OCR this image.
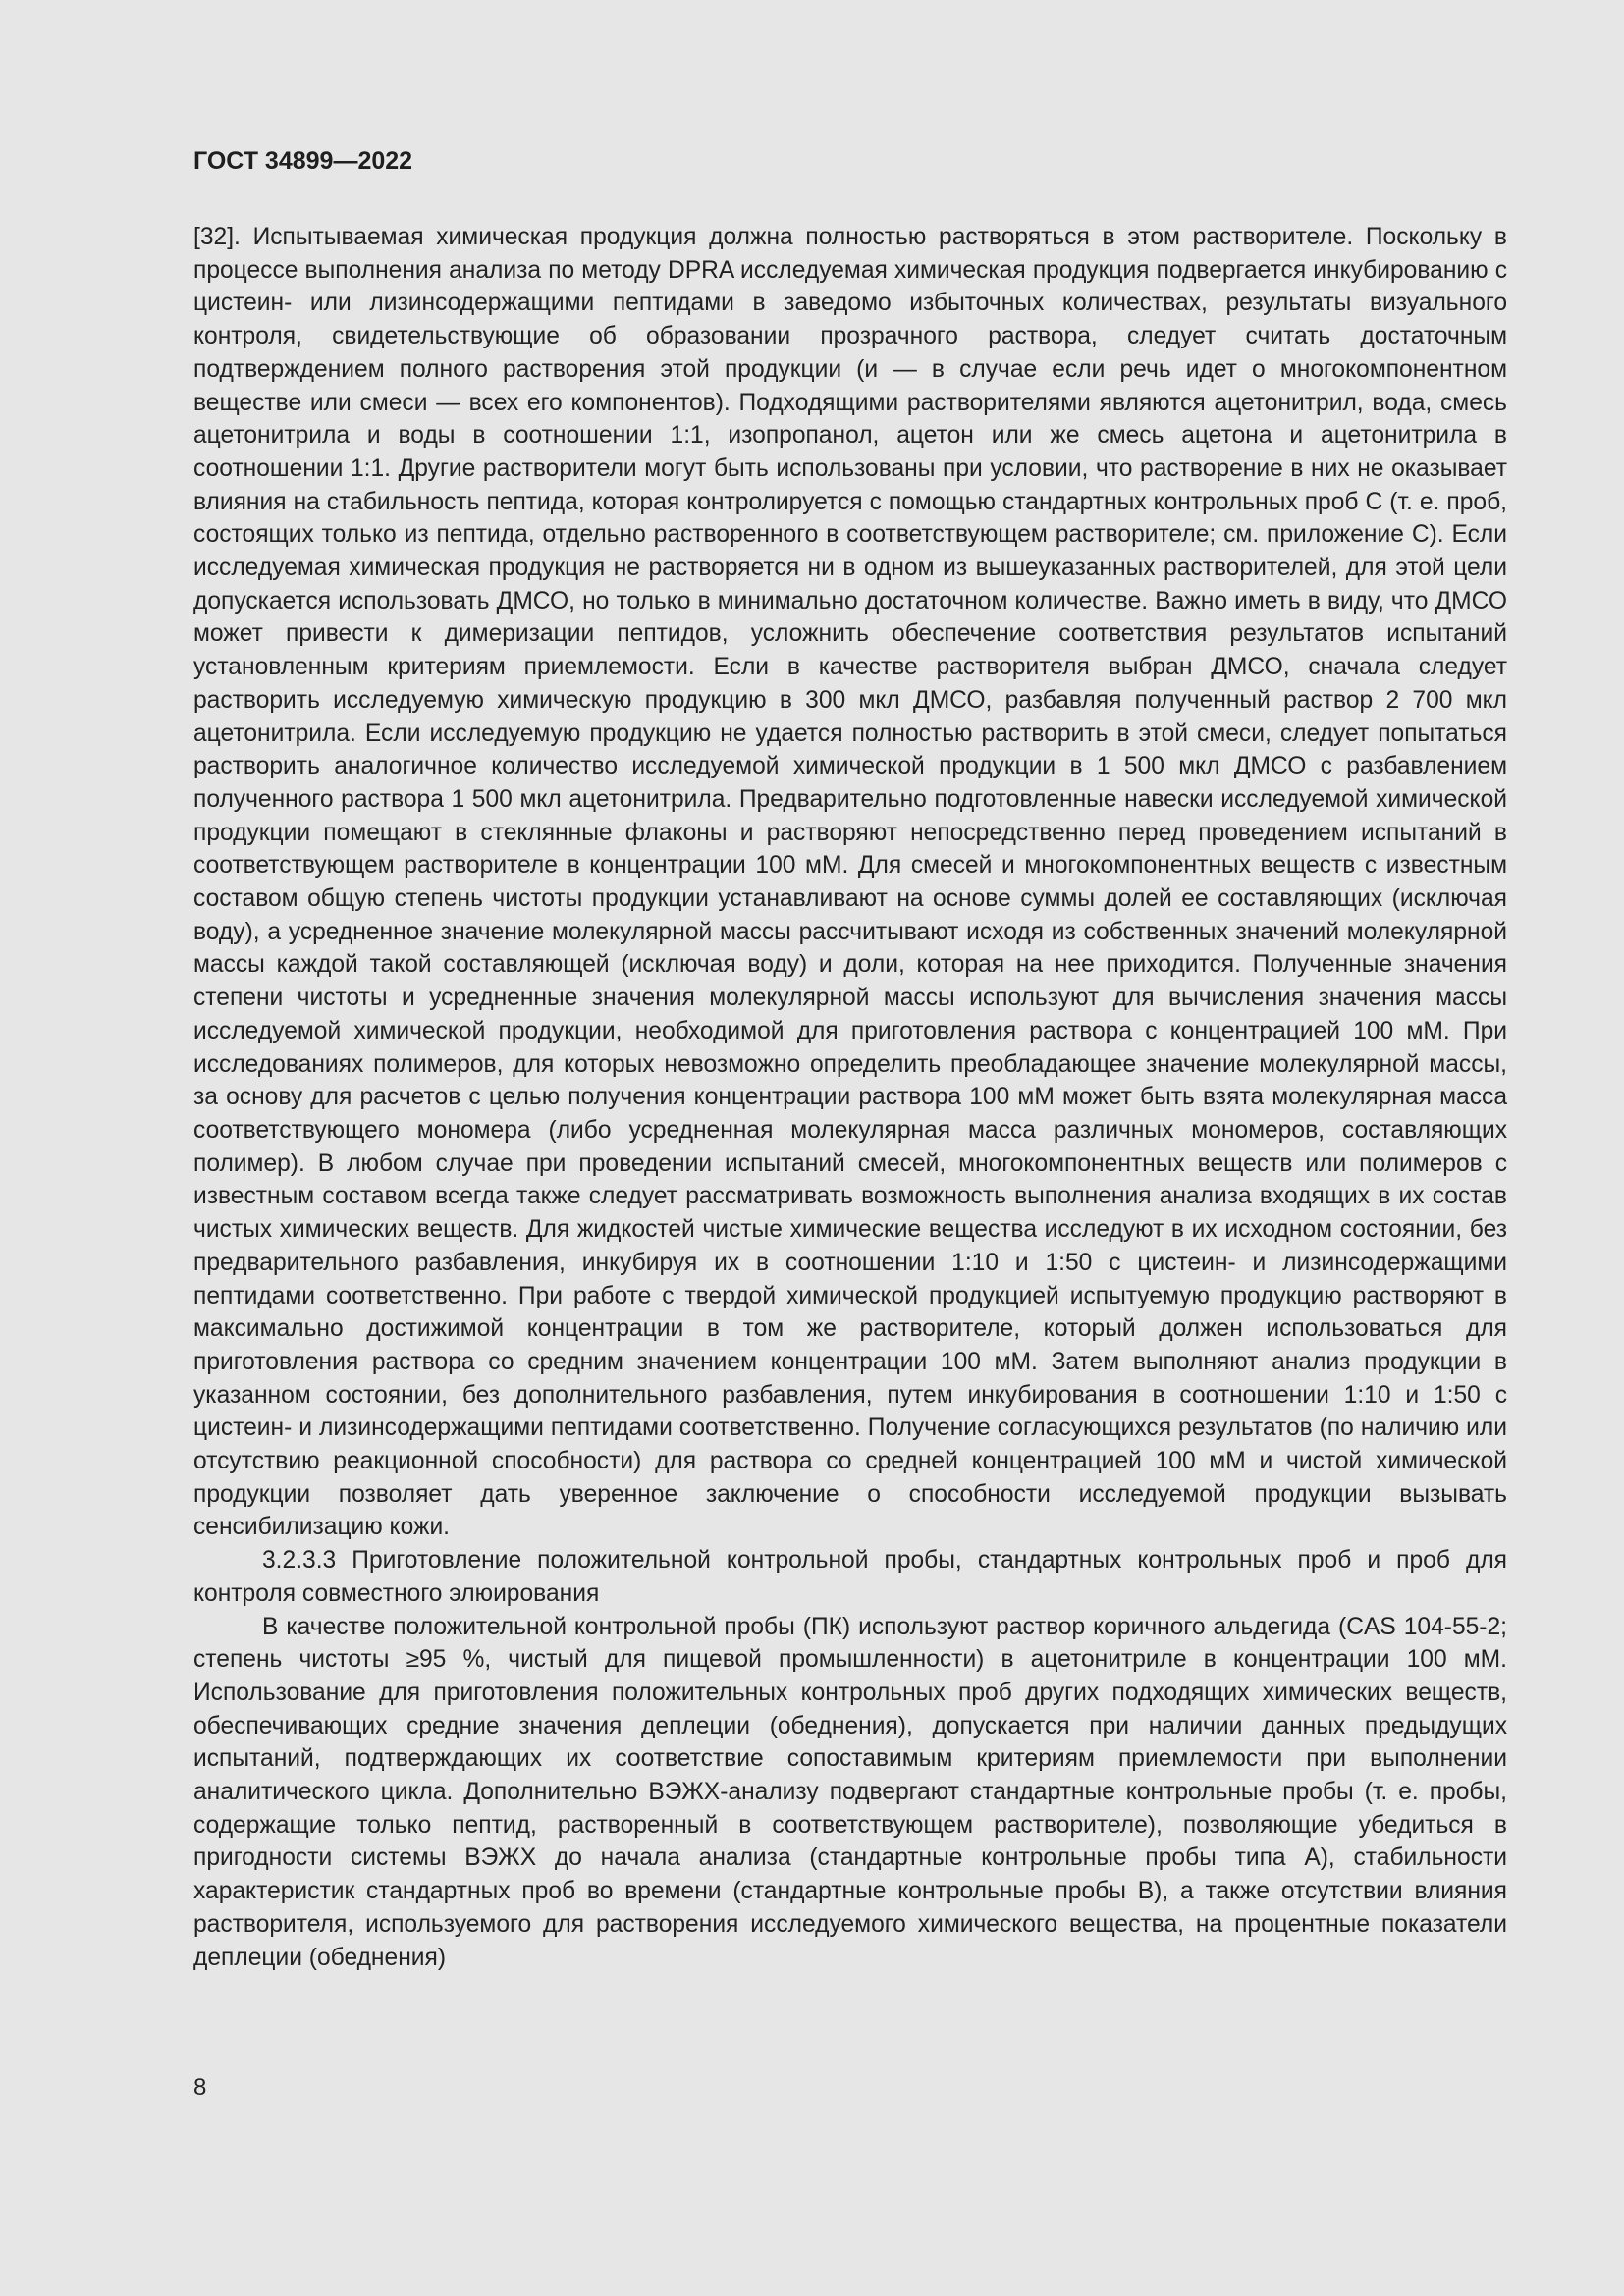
ГОСТ 34899—2022

[32]. Испытываемая химическая продукция должна полностью растворяться в этом растворителе. Поскольку в процессе выполнения анализа по методу DPRA исследуемая химическая продукция подвергается инкубированию с цистеин- или лизинсодержащими пептидами в заведомо избыточных количествах, результаты визуального контроля, свидетельствующие об образовании прозрачного раствора, следует считать достаточным подтверждением полного растворения этой продукции (и — в случае если речь идет о многокомпонентном веществе или смеси — всех его компонентов). Подходящими растворителями являются ацетонитрил, вода, смесь ацетонитрила и воды в соотношении 1:1, изопропанол, ацетон или же смесь ацетона и ацетонитрила в соотношении 1:1. Другие растворители могут быть использованы при условии, что растворение в них не оказывает влияния на стабильность пептида, которая контролируется с помощью стандартных контрольных проб С (т. е. проб, состоящих только из пептида, отдельно растворенного в соответствующем растворителе; см. приложение С). Если исследуемая химическая продукция не растворяется ни в одном из вышеуказанных растворителей, для этой цели допускается использовать ДМСО, но только в минимально достаточном количестве. Важно иметь в виду, что ДМСО может привести к димеризации пептидов, усложнить обеспечение соответствия результатов испытаний установленным критериям приемлемости. Если в качестве растворителя выбран ДМСО, сначала следует растворить исследуемую химическую продукцию в 300 мкл ДМСО, разбавляя полученный раствор 2 700 мкл ацетонитрила. Если исследуемую продукцию не удается полностью растворить в этой смеси, следует попытаться растворить аналогичное количество исследуемой химической продукции в 1 500 мкл ДМСО с разбавлением полученного раствора 1 500 мкл ацетонитрила. Предварительно подготовленные навески исследуемой химической продукции помещают в стеклянные флаконы и растворяют непосредственно перед проведением испытаний в соответствующем растворителе в концентрации 100 мМ. Для смесей и многокомпонентных веществ с известным составом общую степень чистоты продукции устанавливают на основе суммы долей ее составляющих (исключая воду), а усредненное значение молекулярной массы рассчитывают исходя из собственных значений молекулярной массы каждой такой составляющей (исключая воду) и доли, которая на нее приходится. Полученные значения степени чистоты и усредненные значения молекулярной массы используют для вычисления значения массы исследуемой химической продукции, необходимой для приготовления раствора с концентрацией 100 мМ. При исследованиях полимеров, для которых невозможно определить преобладающее значение молекулярной массы, за основу для расчетов с целью получения концентрации раствора 100 мМ может быть взята молекулярная масса соответствующего мономера (либо усредненная молекулярная масса различных мономеров, составляющих полимер). В любом случае при проведении испытаний смесей, многокомпонентных веществ или полимеров с известным составом всегда также следует рассматривать возможность выполнения анализа входящих в их состав чистых химических веществ. Для жидкостей чистые химические вещества исследуют в их исходном состоянии, без предварительного разбавления, инкубируя их в соотношении 1:10 и 1:50 с цистеин- и лизинсодержащими пептидами соответственно. При работе с твердой химической продукцией испытуемую продукцию растворяют в максимально достижимой концентрации в том же растворителе, который должен использоваться для приготовления раствора со средним значением концентрации 100 мМ. Затем выполняют анализ продукции в указанном состоянии, без дополнительного разбавления, путем инкубирования в соотношении 1:10 и 1:50 с цистеин- и лизинсодержащими пептидами соответственно. Получение согласующихся результатов (по наличию или отсутствию реакционной способности) для раствора со средней концентрацией 100 мМ и чистой химической продукции позволяет дать уверенное заключение о способности исследуемой продукции вызывать сенсибилизацию кожи.

3.2.3.3 Приготовление положительной контрольной пробы, стандартных контрольных проб и проб для контроля совместного элюирования

В качестве положительной контрольной пробы (ПК) используют раствор коричного альдегида (CAS 104-55-2; степень чистоты ≥95 %, чистый для пищевой промышленности) в ацетонитриле в концентрации 100 мМ. Использование для приготовления положительных контрольных проб других подходящих химических веществ, обеспечивающих средние значения деплеции (обеднения), допускается при наличии данных предыдущих испытаний, подтверждающих их соответствие сопоставимым критериям приемлемости при выполнении аналитического цикла. Дополнительно ВЭЖХ-анализу подвергают стандартные контрольные пробы (т. е. пробы, содержащие только пептид, растворенный в соответствующем растворителе), позволяющие убедиться в пригодности системы ВЭЖХ до начала анализа (стандартные контрольные пробы типа А), стабильности характеристик стандартных проб во времени (стандартные контрольные пробы В), а также отсутствии влияния растворителя, используемого для растворения исследуемого химического вещества, на процентные показатели деплеции (обеднения)

8
